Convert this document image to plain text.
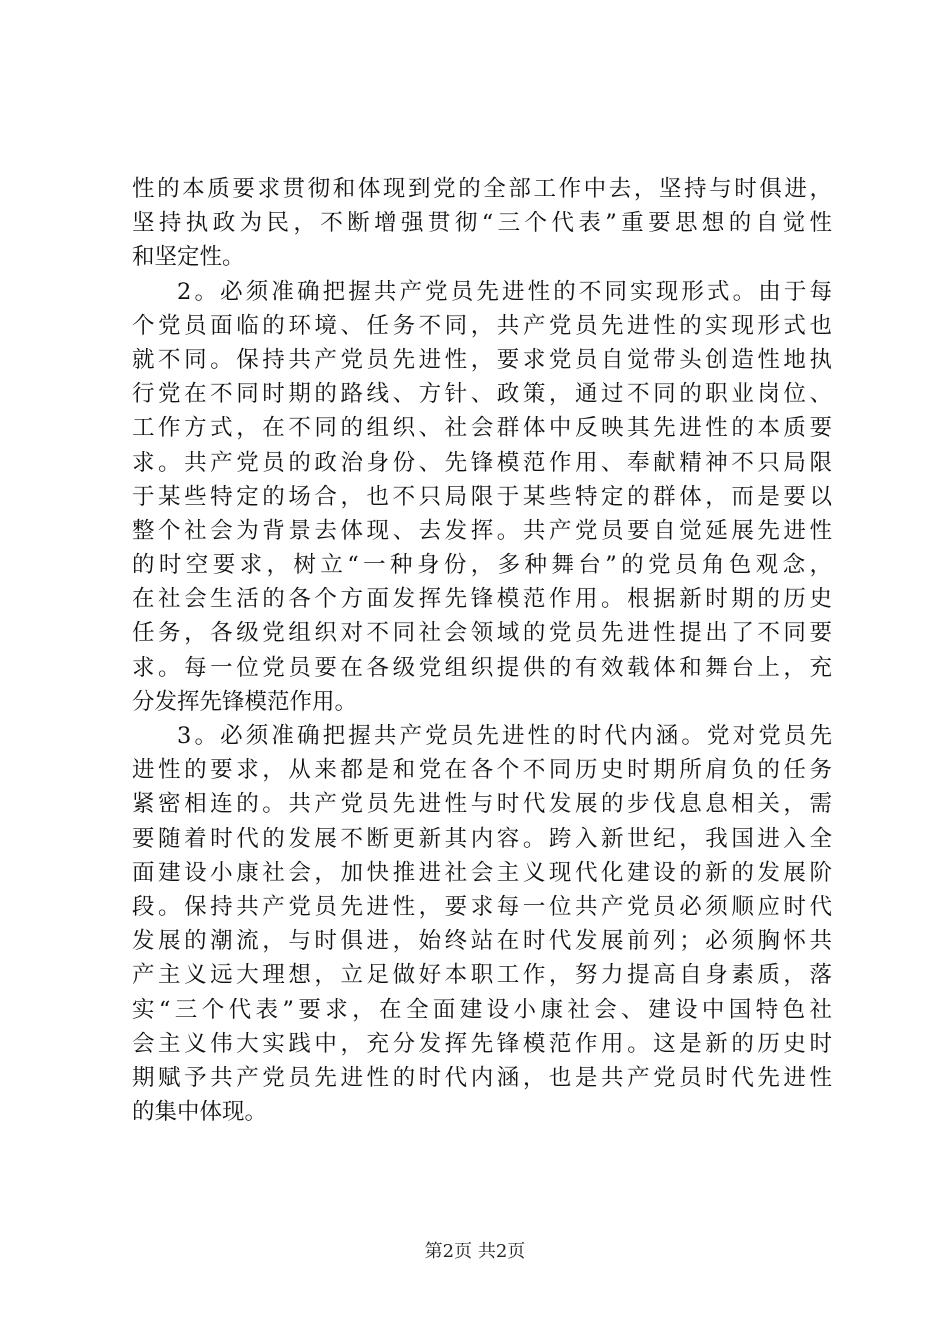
性的本质要求贯彻和体现到党的全部工作中去，坚持与时俱进，
坚持执政为民，不断增强贯彻“三个代表”重要思想的自觉性
和坚定性。
2。必须准确把握共产党员先进性的不同实现形式。由于每
个党员面临的环境、任务不同，共产党员先进性的实现形式也
就不同。保持共产党员先进性，要求党员自觉带头创造性地执
行党在不同时期的路线、方针、政策，通过不同的职业岗位、
工作方式，在不同的组织、社会群体中反映其先进性的本质要
求。共产党员的政治身份、先锋模范作用、奉献精神不只局限
于某些特定的场合，也不只局限于某些特定的群体，而是要以
整个社会为背景去体现、去发挥。共产党员要自觉延展先进性
的时空要求，树立“一种身份，多种舞台”的党员角色观念，
在社会生活的各个方面发挥先锋模范作用。根据新时期的历史
任务，各级党组织对不同社会领域的党员先进性提出了不同要
求。每一位党员要在各级党组织提供的有效载体和舞台上，充
分发挥先锋模范作用。
3。必须准确把握共产党员先进性的时代内涵。党对党员先
进性的要求，从来都是和党在各个不同历史时期所肩负的任务
紧密相连的。共产党员先进性与时代发展的步伐息息相关，需
要随着时代的发展不断更新其内容。跨入新世纪，我国进入全
面建设小康社会，加快推进社会主义现代化建设的新的发展阶
段。保持共产党员先进性，要求每一位共产党员必须顺应时代
发展的潮流，与时俱进，始终站在时代发展前列；必须胸怀共
产主义远大理想，立足做好本职工作，努力提高自身素质，落
实“三个代表”要求，在全面建设小康社会、建设中国特色社
会主义伟大实践中，充分发挥先锋模范作用。这是新的历史时
期赋予共产党员先进性的时代内涵，也是共产党员时代先进性
的集中体现。
第2页 共2页
